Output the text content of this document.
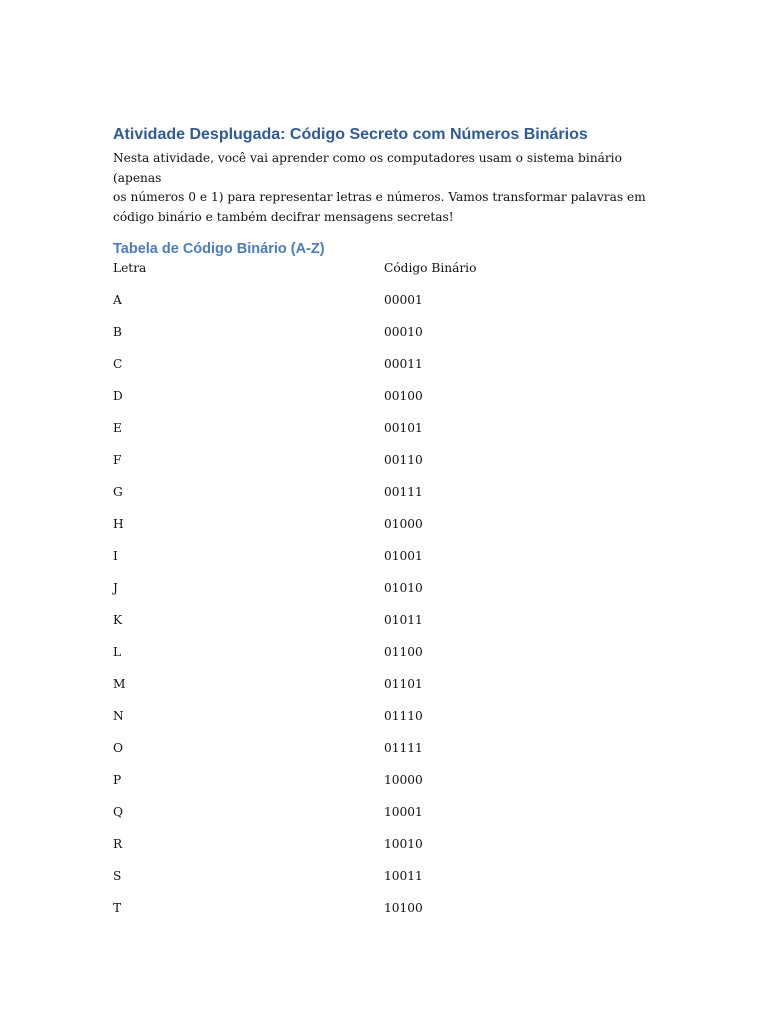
Atividade Desplugada: Código Secreto com Números Binários

Nesta atividade, você vai aprender como os computadores usam o sistema binário (apenas
os números 0 e 1) para representar letras e números. Vamos transformar palavras em
código binário e também decifrar mensagens secretas!

Tabela de Código Binário (A-Z)
Letra	Código Binário
A	00001
B	00010
C	00011
D	00100
E	00101
F	00110
G	00111
H	01000
I	01001
J	01010
K	01011
L	01100
M	01101
N	01110
O	01111
P	10000
Q	10001
R	10010
S	10011
T	10100
